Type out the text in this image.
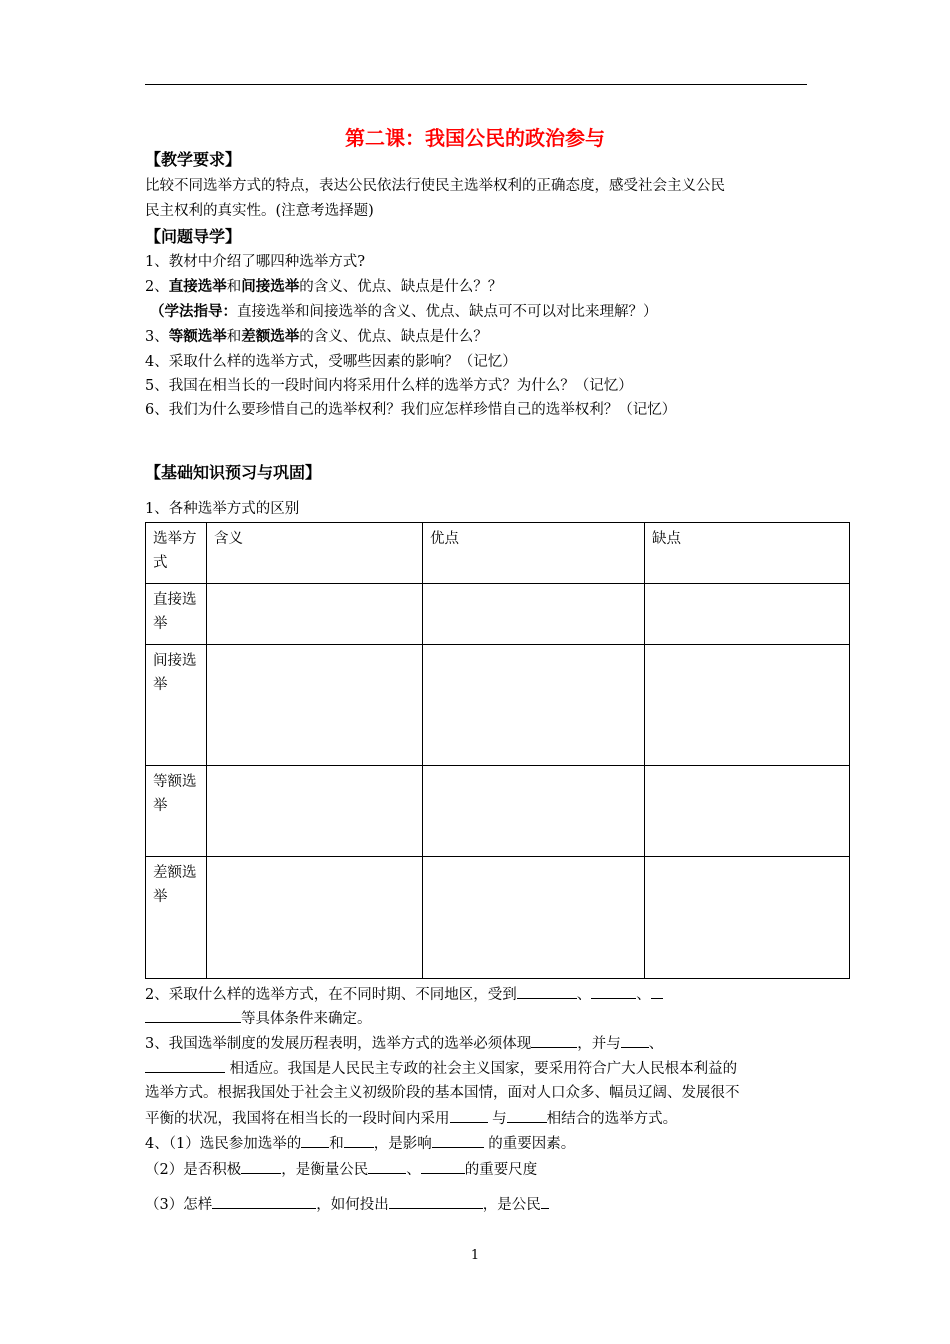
第二课：我国公民的政治参与
【教学要求】
比较不同选举方式的特点，表达公民依法行使民主选举权利的正确态度，感受社会主义公民
民主权利的真实性。(注意考选择题)
【问题导学】
1、教材中介绍了哪四种选举方式?
2、直接选举和间接选举的含义、优点、缺点是什么？？
（学法指导：直接选举和间接选举的含义、优点、缺点可不可以对比来理解？）
3、等额选举和差额选举的含义、优点、缺点是什么？
4、采取什么样的选举方式，受哪些因素的影响？（记忆）
5、我国在相当长的一段时间内将采用什么样的选举方式？为什么？（记忆）
6、我们为什么要珍惜自己的选举权利？我们应怎样珍惜自己的选举权利？（记忆）
【基础知识预习与巩固】
1、各种选举方式的区别
选举方式	含义	优点	缺点
直接选举			
间接选举			
等额选举			
差额选举			
2、采取什么样的选举方式，在不同时期、不同地区，受到	、	、
等具体条件来确定。
3、我国选举制度的发展历程表明，选举方式的选举必须体现	，并与 、
相适应。我国是人民民主专政的社会主义国家，要采用符合广大人民根本利益的
选举方式。根据我国处于社会主义初级阶段的基本国情，面对人口众多、幅员辽阔、发展很不
平衡的状况，我国将在相当长的一段时间内采用	与	相结合的选举方式。
4、（1）选民参加选举的 和 ，是影响	的重要因素。
（2）是否积极	，是衡量公民	、	的重要尺度
（3）怎样	，如何投出	，是公民
1
